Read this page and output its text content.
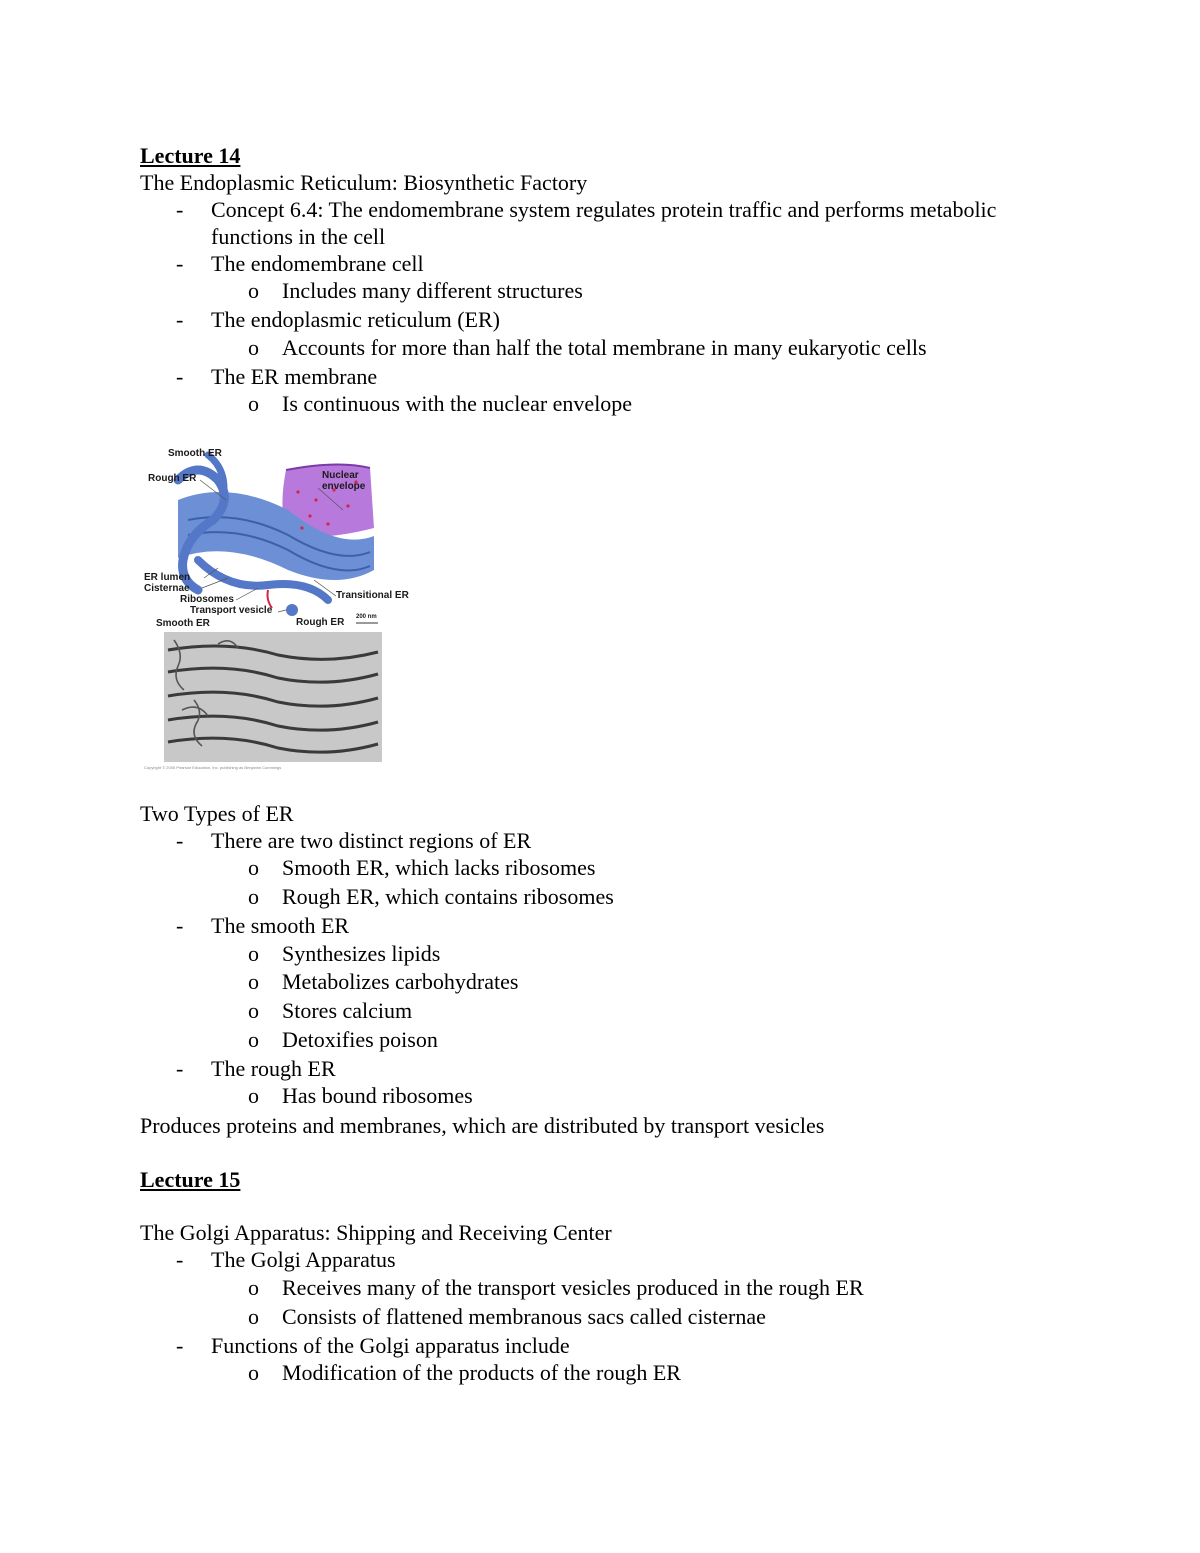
Lecture 14
The Endoplasmic Reticulum: Biosynthetic Factory
- Concept 6.4: The endomembrane system regulates protein traffic and performs metabolic
functions in the cell
- The endomembrane cell
o Includes many different structures
- The endoplasmic reticulum (ER)
o Accounts for more than half the total membrane in many eukaryotic cells
- The ER membrane
o Is continuous with the nuclear envelope
Smooth ER
Rough ER	Nuclear
envelope
ER lumen
Cisternae
Ribosomes
Transport vesicle
Transitional ER
Smooth ER	Rough ER 200 nm
Copyright © 2005 Pearson Education, Inc. publishing as Benjamin Cummings
Two Types of ER
- There are two distinct regions of ER
o Smooth ER, which lacks ribosomes
o Rough ER, which contains ribosomes
- The smooth ER
o Synthesizes lipids
o Metabolizes carbohydrates
o Stores calcium
o Detoxifies poison
- The rough ER
o Has bound ribosomes
Produces proteins and membranes, which are distributed by transport vesicles
Lecture 15
The Golgi Apparatus: Shipping and Receiving Center
- The Golgi Apparatus
o Receives many of the transport vesicles produced in the rough ER
o Consists of flattened membranous sacs called cisternae
- Functions of the Golgi apparatus include
o Modification of the products of the rough ER
